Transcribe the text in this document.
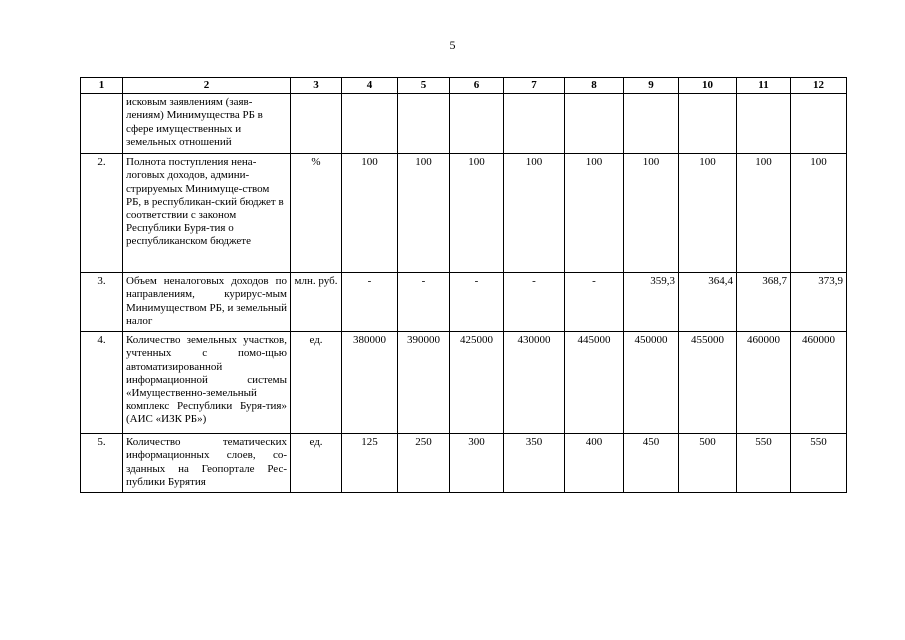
5
1	2	3	4	5	6	7	8	9	10	11	12
	исковым заявлениям (заяв-лениям) Минимущества РБ в сфере имущественных и земельных отношений										
2.	Полнота поступления нена-логовых доходов, админи-стрируемых Минимуще-ством РБ, в республикан-ский бюджет в соответствии с законом Республики Буря-тия о республиканском бюджете	%	100	100	100	100	100	100	100	100	100
3.	Объем неналоговых доходов по направлениям, курирус-мым Минимуществом РБ, и земельный налог	млн. руб.	-	-	-	-	-	359,3	364,4	368,7	373,9
4.	Количество земельных участков, учтенных с помо-щью автоматизированной информационной системы «Имущественно-земельный комплекс Республики Буря-тия» (АИС «ИЗК РБ»)	ед.	380000	390000	425000	430000	445000	450000	455000	460000	460000
5.	Количество тематических информационных слоев, со-зданных на Геопортале Рес-публики Бурятия	ед.	125	250	300	350	400	450	500	550	550
